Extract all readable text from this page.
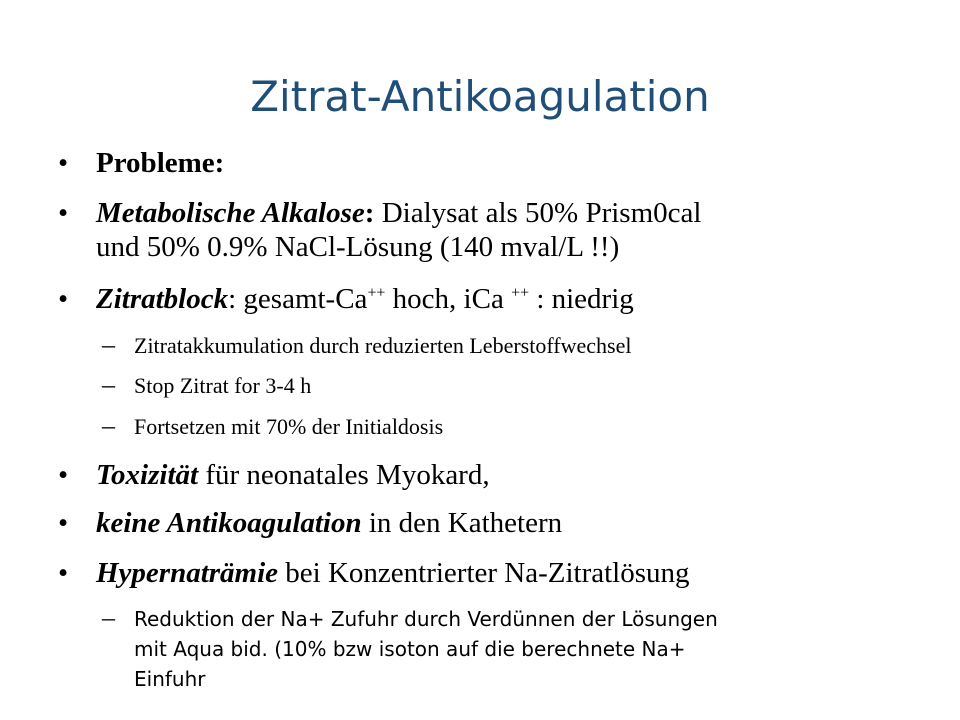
Zitrat-Antikoagulation
• Probleme:
• Metabolische Alkalose: Dialysat als 50% Prism0cal
und 50% 0.9% NaCl-Lösung (140 mval/L !!)
• Zitratblock: gesamt-Ca++ hoch, iCa ++ : niedrig
– Zitratakkumulation durch reduzierten Leberstoffwechsel
– Stop Zitrat for 3-4 h
– Fortsetzen mit 70% der Initialdosis
• Toxizität für neonatales Myokard,
• keine Antikoagulation in den Kathetern
• Hypernaträmie bei Konzentrierter Na-Zitratlösung
– Reduktion der Na+ Zufuhr durch Verdünnen der Lösungen
mit Aqua bid. (10% bzw isoton auf die berechnete Na+
Einfuhr
